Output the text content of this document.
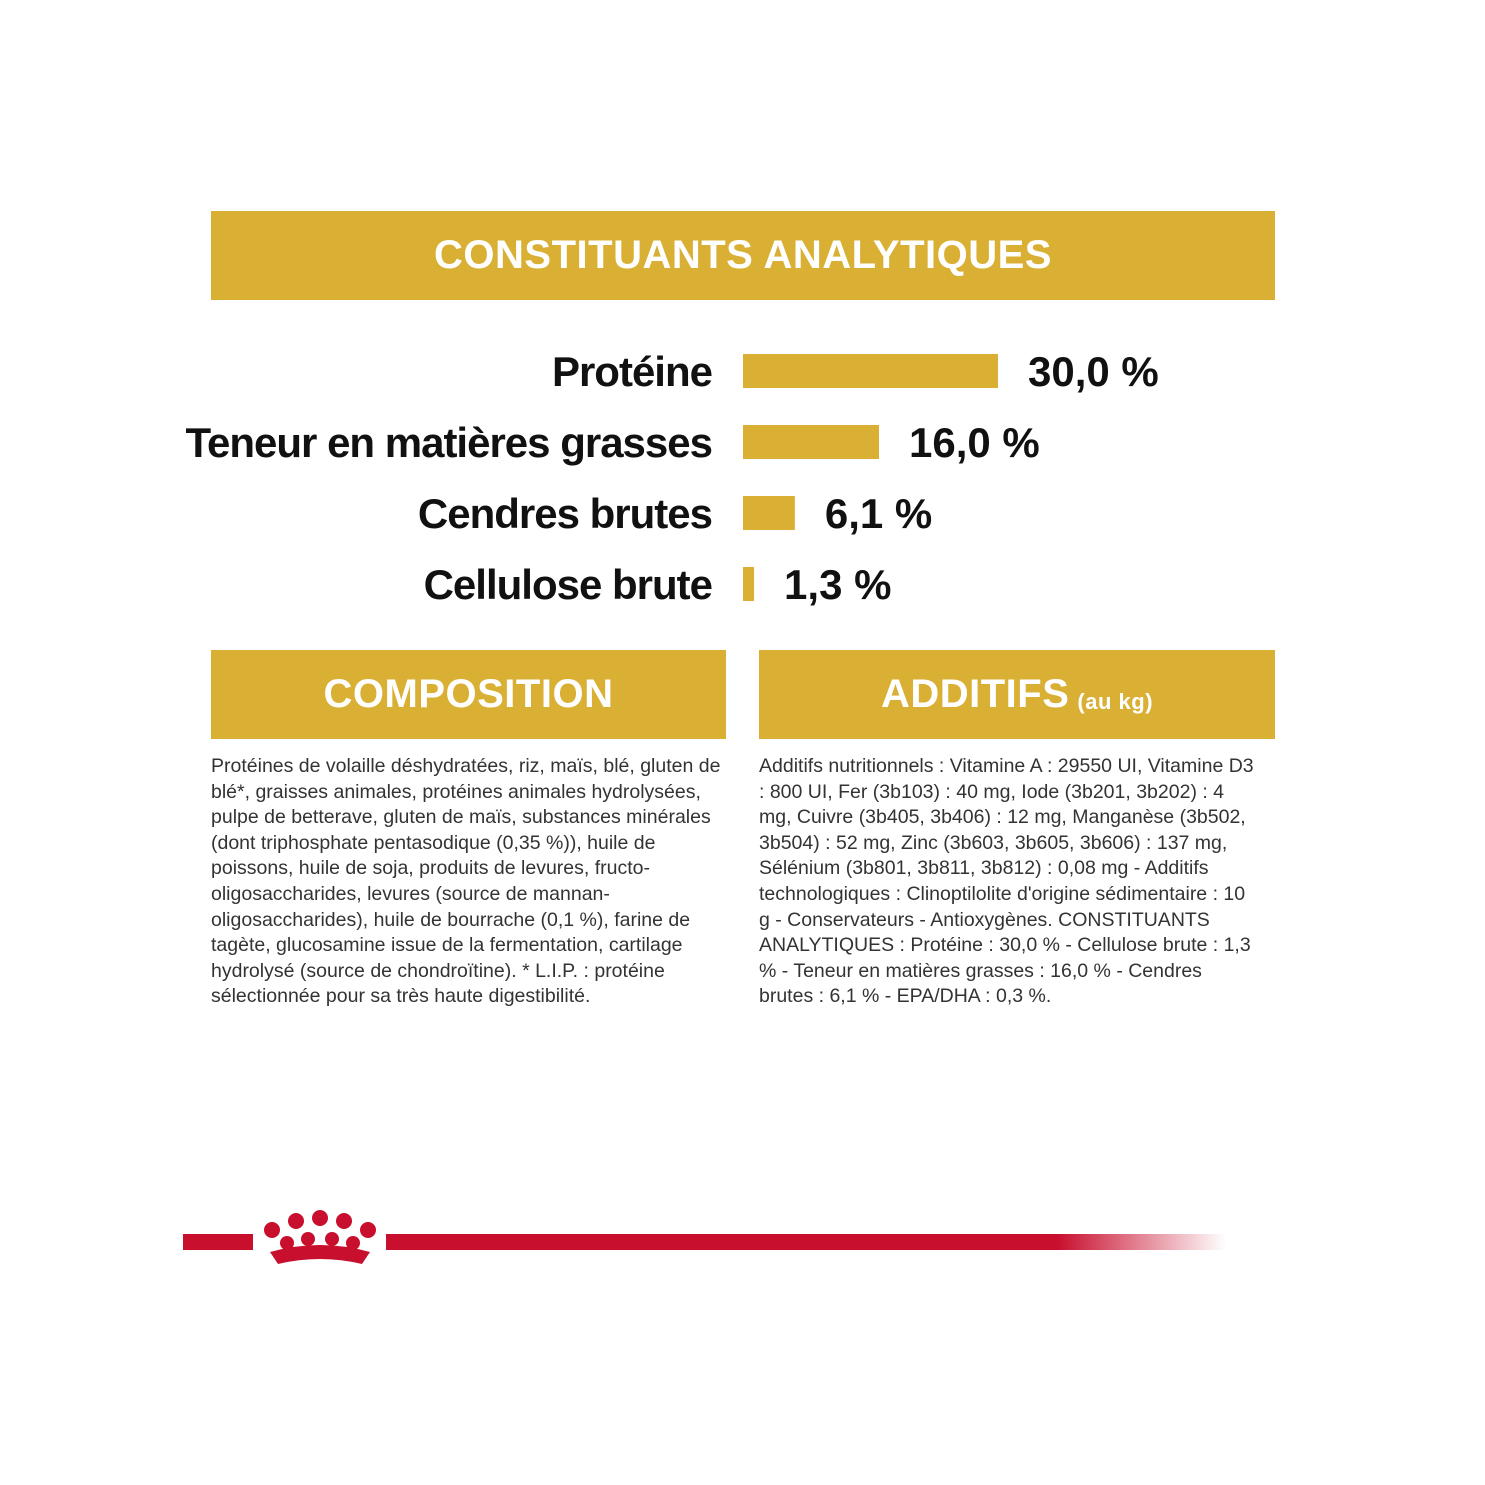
CONSTITUANTS ANALYTIQUES
Protéine	30,0 %
Teneur en matières grasses	16,0 %
Cendres brutes	6,1 %
Cellulose brute 1,3 %
COMPOSITION	ADDITIFS (au kg)

Protéines de volaille déshydratées, riz, maïs, blé, gluten de blé*, graisses animales, protéines animales hydrolysées, pulpe de betterave, gluten de maïs, substances minérales (dont triphosphate pentasodique (0,35 %)), huile de poissons, huile de soja, produits de levures, fructo-oligosaccharides, levures (source de mannan-oligosaccharides), huile de bourrache (0,1 %), farine de tagète, glucosamine issue de la fermentation, cartilage hydrolysé (source de chondroïtine). * L.I.P. : protéine sélectionnée pour sa très haute digestibilité.

Additifs nutritionnels : Vitamine A : 29550 UI, Vitamine D3 : 800 UI, Fer (3b103) : 40 mg, Iode (3b201, 3b202) : 4 mg, Cuivre (3b405, 3b406) : 12 mg, Manganèse (3b502, 3b504) : 52 mg, Zinc (3b603, 3b605, 3b606) : 137 mg, Sélénium (3b801, 3b811, 3b812) : 0,08 mg - Additifs technologiques : Clinoptilolite d'origine sédimentaire : 10 g - Conservateurs - Antioxygènes. CONSTITUANTS ANALYTIQUES : Protéine : 30,0 % - Cellulose brute : 1,3 % - Teneur en matières grasses : 16,0 % - Cendres brutes : 6,1 % - EPA/DHA : 0,3 %.
